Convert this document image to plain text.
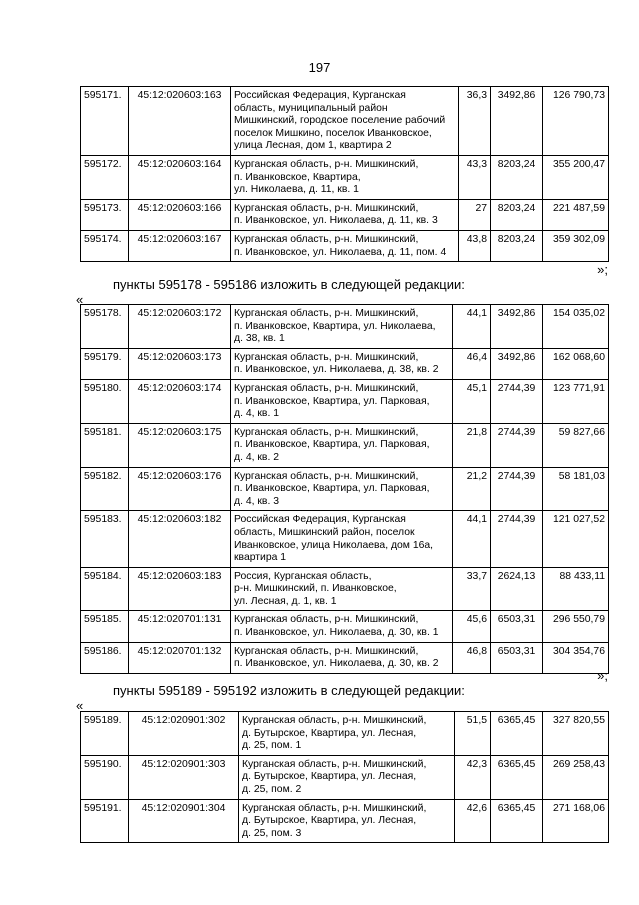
197
595171.	45:12:020603:163	Российская Федерация, Курганская
область, муниципальный район
Мишкинский, городское поселение рабочий
поселок Мишкино, поселок Иванковское,
улица Лесная, дом 1, квартира 2	36,3	3492,86	126 790,73
595172.	45:12:020603:164	Курганская область, р-н. Мишкинский,
п. Иванковское, Квартира,
ул. Николаева, д. 11, кв. 1	43,3	8203,24	355 200,47
595173.	45:12:020603:166	Курганская область, р-н. Мишкинский,
п. Иванковское, ул. Николаева, д. 11, кв. 3	27	8203,24	221 487,59
595174.	45:12:020603:167	Курганская область, р-н. Мишкинский,
п. Иванковское, ул. Николаева, д. 11, пом. 4	43,8	8203,24	359 302,09
»;
пункты 595178 - 595186 изложить в следующей редакции:
«
595178.	45:12:020603:172	Курганская область, р-н. Мишкинский,
п. Иванковское, Квартира, ул. Николаева,
д. 38, кв. 1	44,1	3492,86	154 035,02
595179.	45:12:020603:173	Курганская область, р-н. Мишкинский,
п. Иванковское, ул. Николаева, д. 38, кв. 2	46,4	3492,86	162 068,60
595180.	45:12:020603:174	Курганская область, р-н. Мишкинский,
п. Иванковское, Квартира, ул. Парковая,
д. 4, кв. 1	45,1	2744,39	123 771,91
595181.	45:12:020603:175	Курганская область, р-н. Мишкинский,
п. Иванковское, Квартира, ул. Парковая,
д. 4, кв. 2	21,8	2744,39	59 827,66
595182.	45:12:020603:176	Курганская область, р-н. Мишкинский,
п. Иванковское, Квартира, ул. Парковая,
д. 4, кв. 3	21,2	2744,39	58 181,03
595183.	45:12:020603:182	Российская Федерация, Курганская
область, Мишкинский район, поселок
Иванковское, улица Николаева, дом 16а,
квартира 1	44,1	2744,39	121 027,52
595184.	45:12:020603:183	Россия, Курганская область,
р-н. Мишкинский, п. Иванковское,
ул. Лесная, д. 1, кв. 1	33,7	2624,13	88 433,11
595185.	45:12:020701:131	Курганская область, р-н. Мишкинский,
п. Иванковское, ул. Николаева, д. 30, кв. 1	45,6	6503,31	296 550,79
595186.	45:12:020701:132	Курганская область, р-н. Мишкинский,
п. Иванковское, ул. Николаева, д. 30, кв. 2	46,8	6503,31	304 354,76
»;
пункты 595189 - 595192 изложить в следующей редакции:
«
595189.	45:12:020901:302	Курганская область, р-н. Мишкинский,
д. Бутырское, Квартира, ул. Лесная,
д. 25, пом. 1	51,5	6365,45	327 820,55
595190.	45:12:020901:303	Курганская область, р-н. Мишкинский,
д. Бутырское, Квартира, ул. Лесная,
д. 25, пом. 2	42,3	6365,45	269 258,43
595191.	45:12:020901:304	Курганская область, р-н. Мишкинский,
д. Бутырское, Квартира, ул. Лесная,
д. 25, пом. 3	42,6	6365,45	271 168,06
